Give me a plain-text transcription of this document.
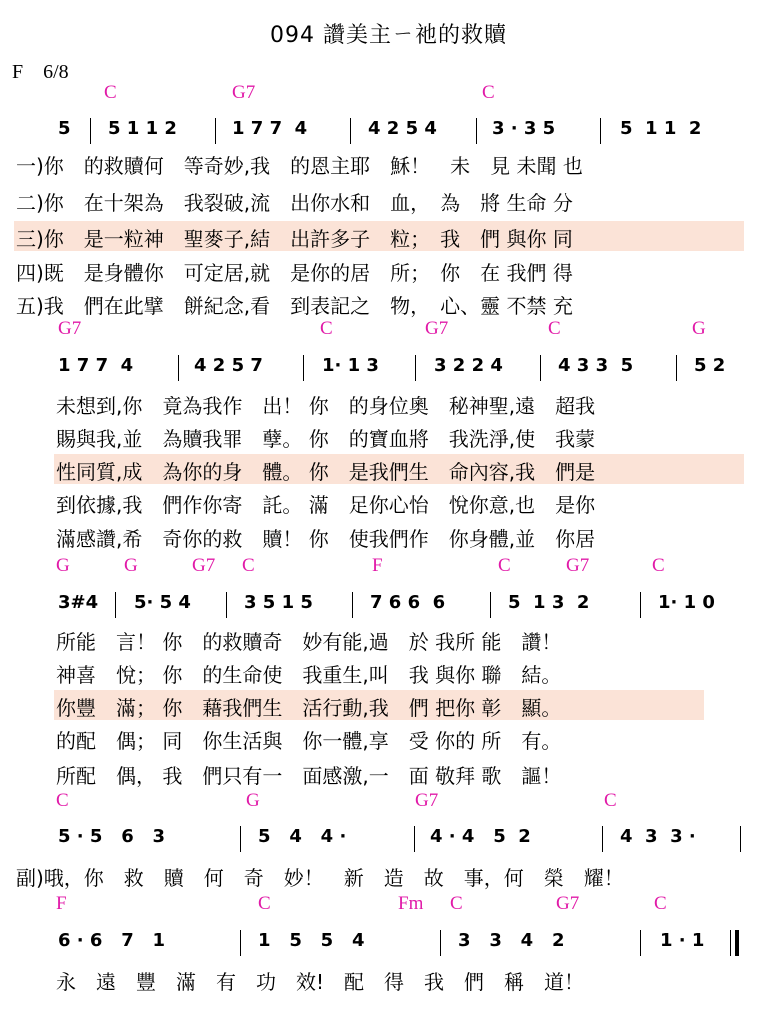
094 讚美主ㄧ祂的救贖
F　6/8
C	G7	C
5 5 1 1 2	1 7 7  4	4 2 5 4	3 · 3 5	5  1 1  2
一)你　的救贖何　等奇妙,我　的恩主耶　穌！　未　見 未聞 也
二)你　在十架為　我裂破,流　出你水和　血，　為　將 生命 分
三)你　是一粒神　聖麥子,結　出許多子　粒；　我　們 與你 同
四)既　是身體你　可定居,就　是你的居　所；　你　在 我們 得
五)我　們在此擘　餅紀念,看　到表記之　物，　心、靈 不禁 充
G7	C	G7	C	G
1 7 7  4	4 2 5 7	1· 1 3	3 2 2 4	4 3 3  5	5 2
未想到,你　竟為我作　出！ 你　的身位奧　秘神聖,遠　超我
賜與我,並　為贖我罪　孽。 你　的寶血將　我洗淨,使　我蒙
性同質,成　為你的身　體。 你　是我們生　命內容,我　們是
到依據,我　們作你寄　託。 滿　足你心怡　悅你意,也　是你
滿感讚,希　奇你的救　贖！ 你　使我們作　你身體,並　你居
G	G	G7 C	F	C	G7	C
3#4 5· 5 4	3 5 1 5	7 6 6  6	5  1 3  2	1· 1 0
所能　言！ 你　的救贖奇　妙有能,過　於 我所 能　讚！
神喜　悅； 你　的生命使　我重生,叫　我 與你 聯　結。
你豐　滿； 你　藉我們生　活行動,我　們 把你 彰　顯。
的配　偶； 同　你生活與　你一體,享　受 你的 所　有。
所配　偶， 我　們只有一　面感激,一　面 敬拜 歌　謳！
C	G	G7	C
5 · 5   6   3	5   4   4 ·	4 · 4   5  2	4  3  3 ·
副)哦，你　救　贖　何　奇　妙！　新　造　故　事，何　榮　耀！
F	C	Fm C	G7	C
6 · 6   7   1	1   5   5   4	3   3   4   2	1 · 1
永　遠　豐　滿　有　功　效!　配　得　我　們　稱　道！
